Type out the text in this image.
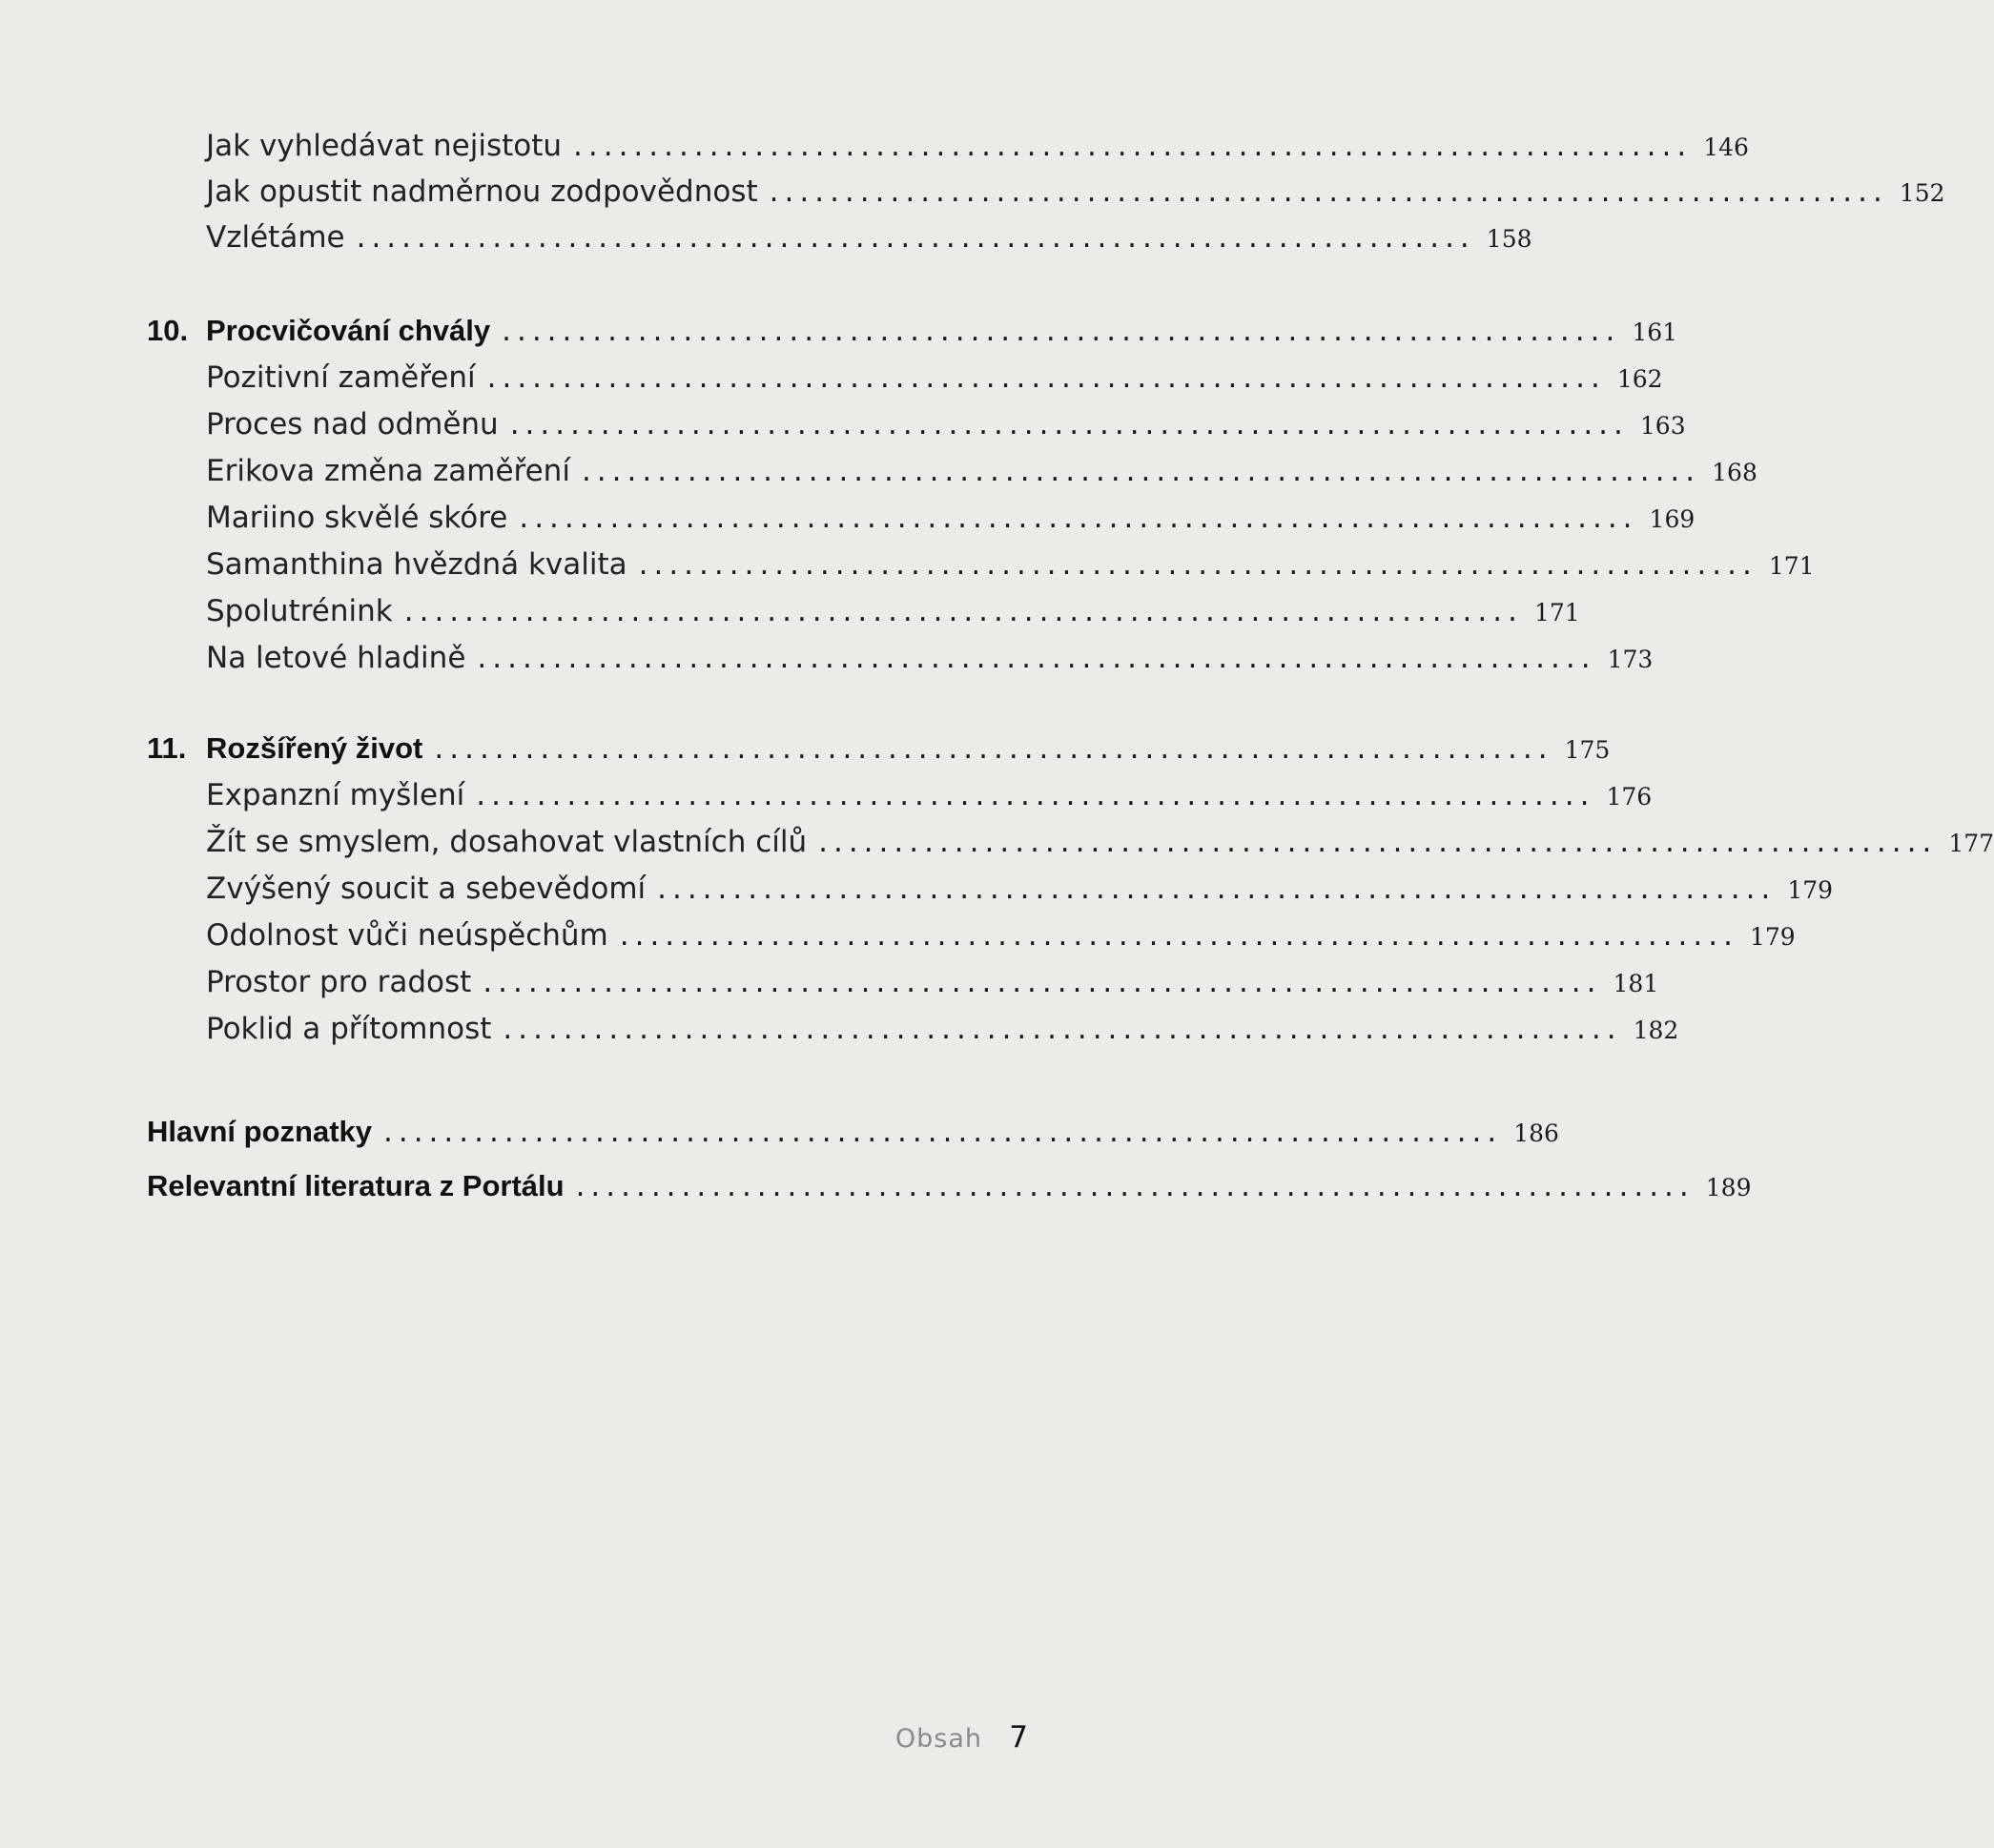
Jak vyhledávat nejistotu .......................................................................... 146
Jak opustit nadměrnou zodpovědnost .......................................................................... 152
Vzlétáme .......................................................................... 158
10. Procvičování chvály .......................................................................... 161
Pozitivní zaměření .......................................................................... 162
Proces nad odměnu .......................................................................... 163
Erikova změna zaměření .......................................................................... 168
Mariino skvělé skóre .......................................................................... 169
Samanthina hvězdná kvalita .......................................................................... 171
Spolutrénink .......................................................................... 171
Na letové hladině .......................................................................... 173
11. Rozšířený život .......................................................................... 175
Expanzní myšlení .......................................................................... 176
Žít se smyslem, dosahovat vlastních cílů .......................................................................... 177
Zvýšený soucit a sebevědomí .......................................................................... 179
Odolnost vůči neúspěchům .......................................................................... 179
Prostor pro radost .......................................................................... 181
Poklid a přítomnost .......................................................................... 182
Hlavní poznatky .......................................................................... 186
Relevantní literatura z Portálu .......................................................................... 189
Obsah 7
